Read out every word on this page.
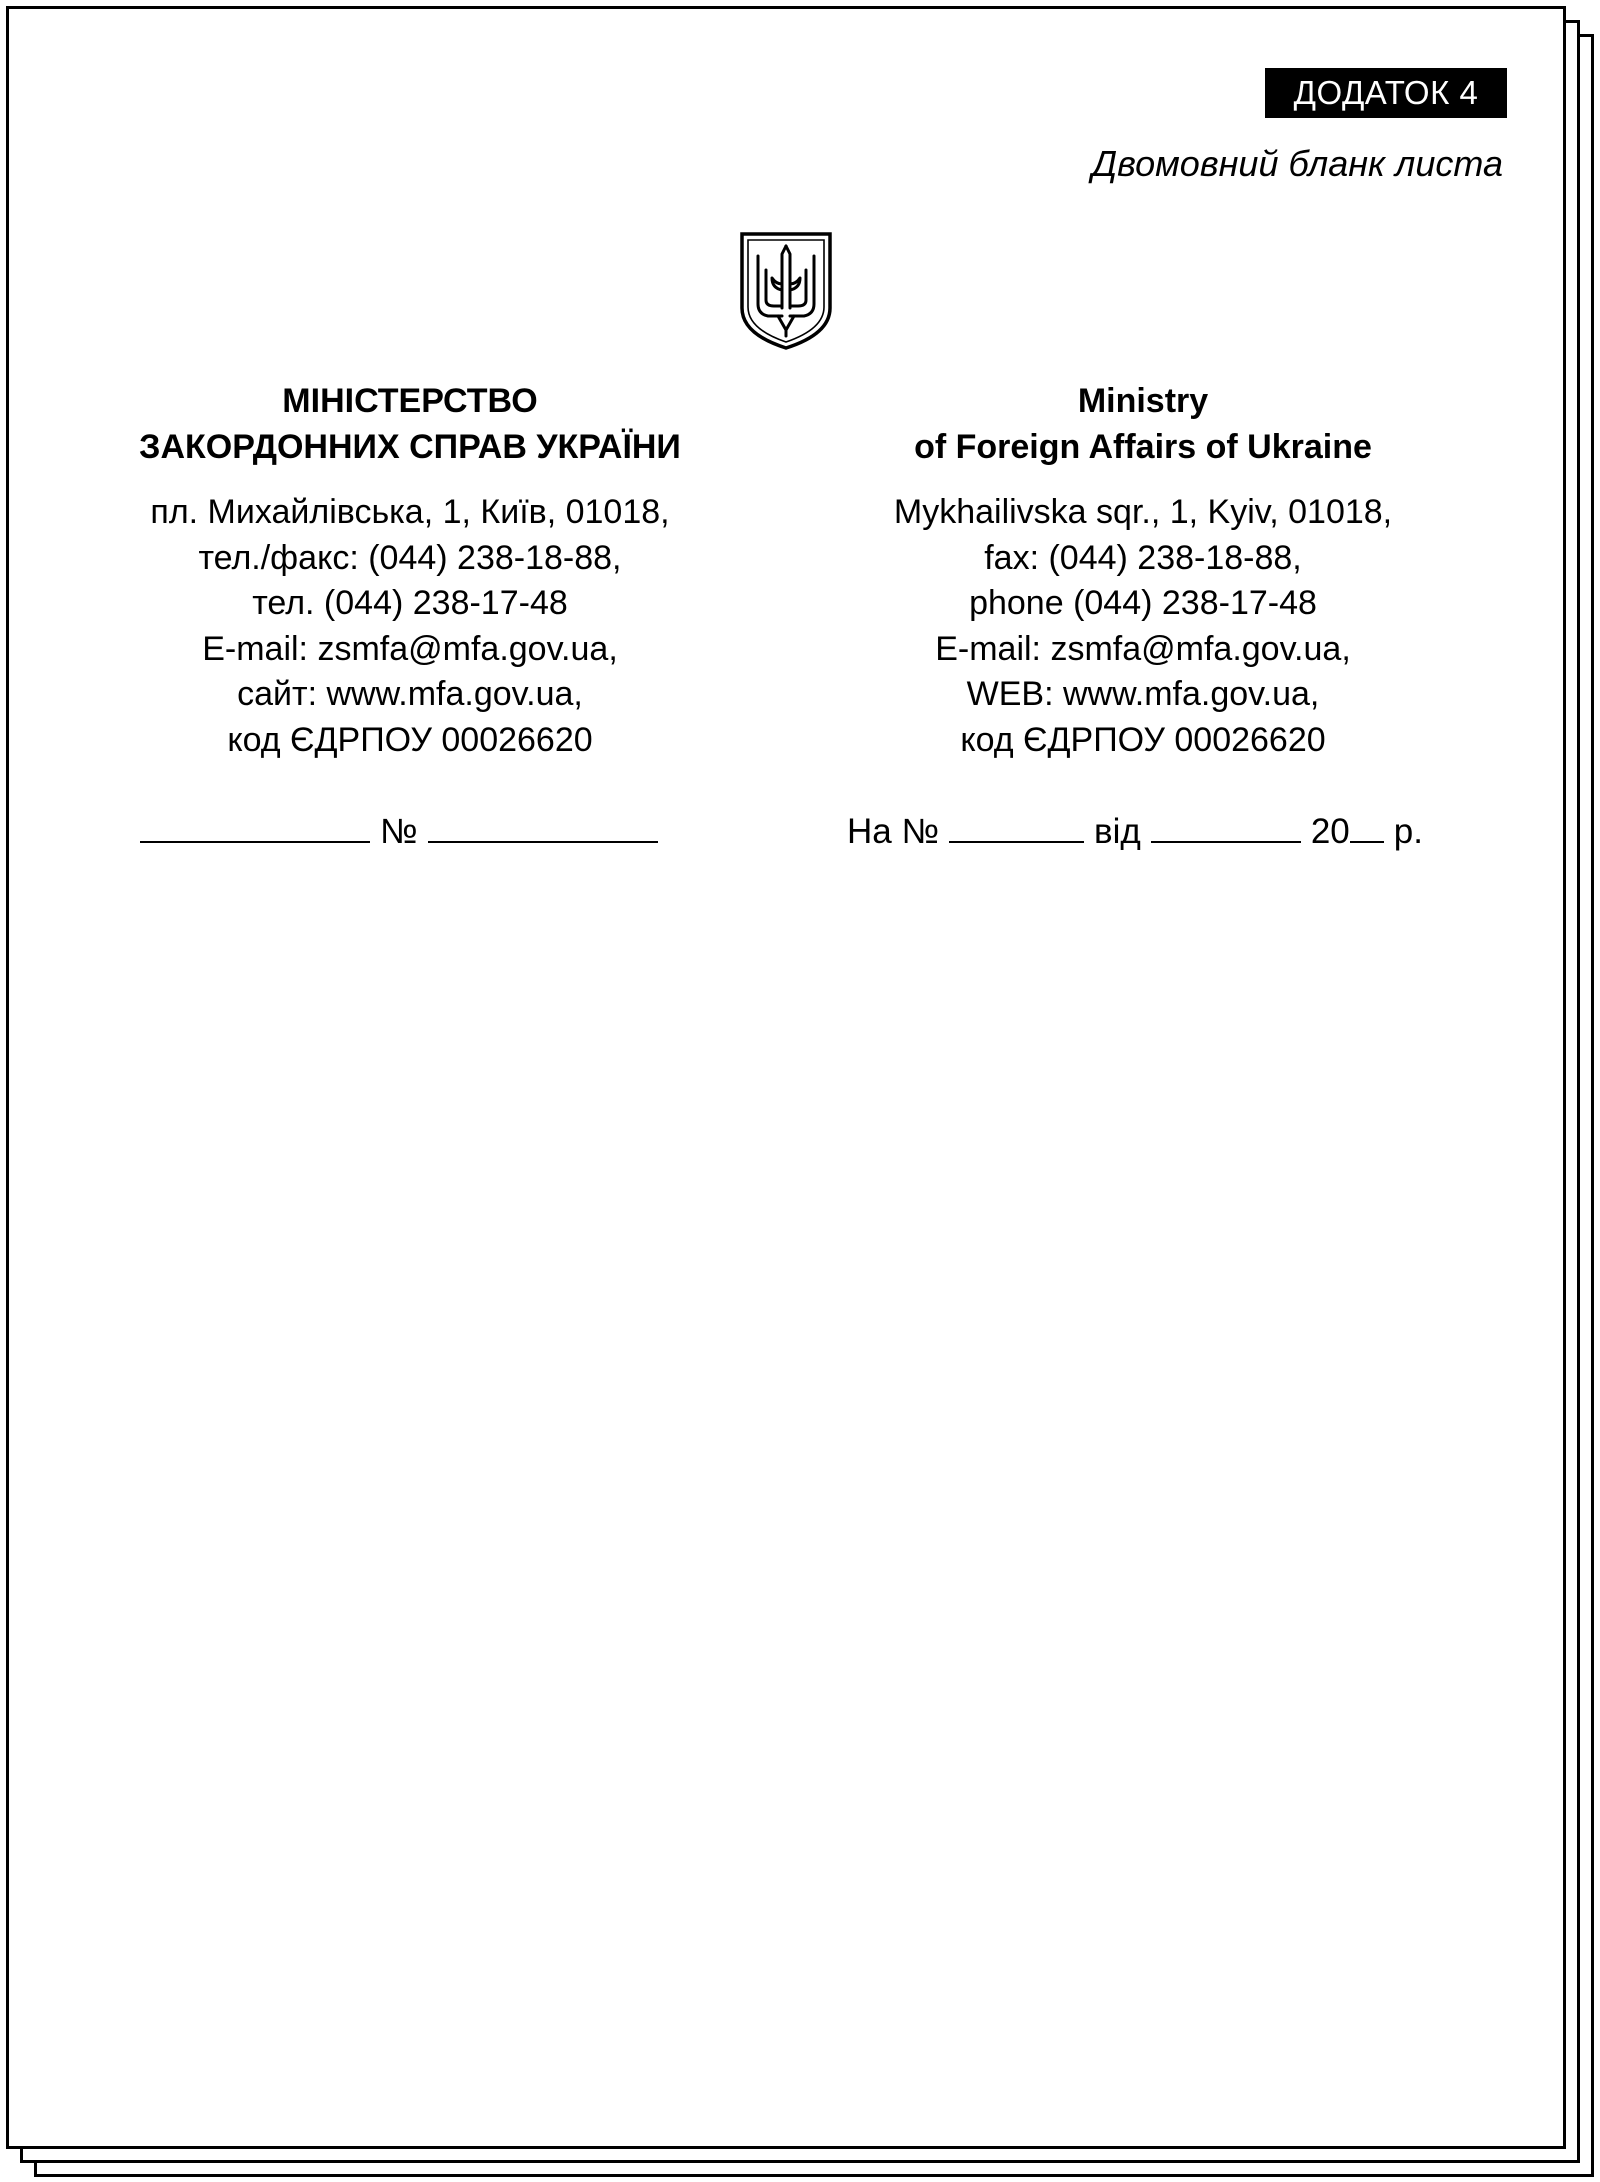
ДОДАТОК 4
Двомовний бланк листа
МІНІСТЕРСТВО
ЗАКОРДОННИХ СПРАВ УКРАЇНИ
пл. Михайлівська, 1, Київ, 01018,
тел./факс: (044) 238-18-88,
тел. (044) 238-17-48
E-mail: zsmfa@mfa.gov.ua,
сайт: www.mfa.gov.ua,
код ЄДРПОУ 00026620
Ministry
of Foreign Affairs of Ukraine
Mykhailivska sqr., 1, Kyiv, 01018,
fax: (044) 238-18-88,
phone (044) 238-17-48
E-mail: zsmfa@mfa.gov.ua,
WEB: www.mfa.gov.ua,
код ЄДРПОУ 00026620
№	На №	від	20 р.
